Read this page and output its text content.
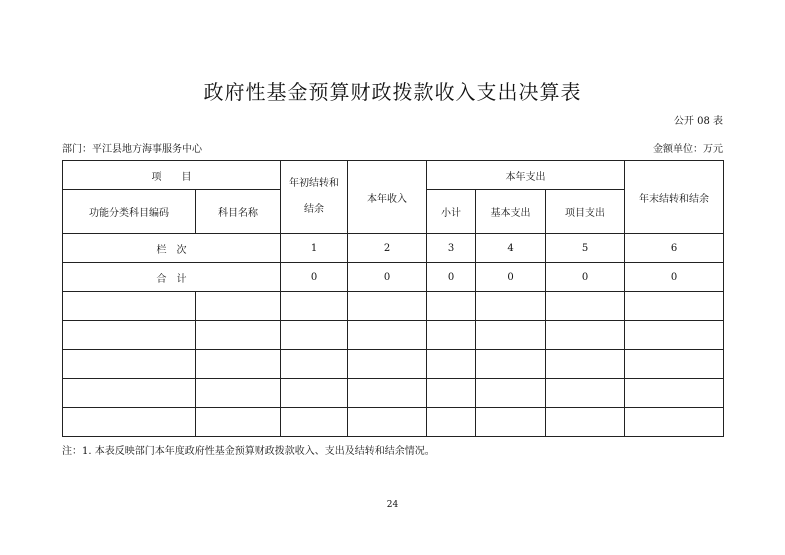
政府性基金预算财政拨款收入支出决算表
公开 08 表
部门：平江县地方海事服务中心	金额单位：万元
项　　目		年初结转和结余	本年收入	本年支出			年末结转和结余
功能分类科目编码	科目名称			小计	基本支出	项目支出	
栏　次		1	2	3	4	5	6
合　计		0	0	0	0	0	0

注：1. 本表反映部门本年度政府性基金预算财政拨款收入、支出及结转和结余情况。
24
